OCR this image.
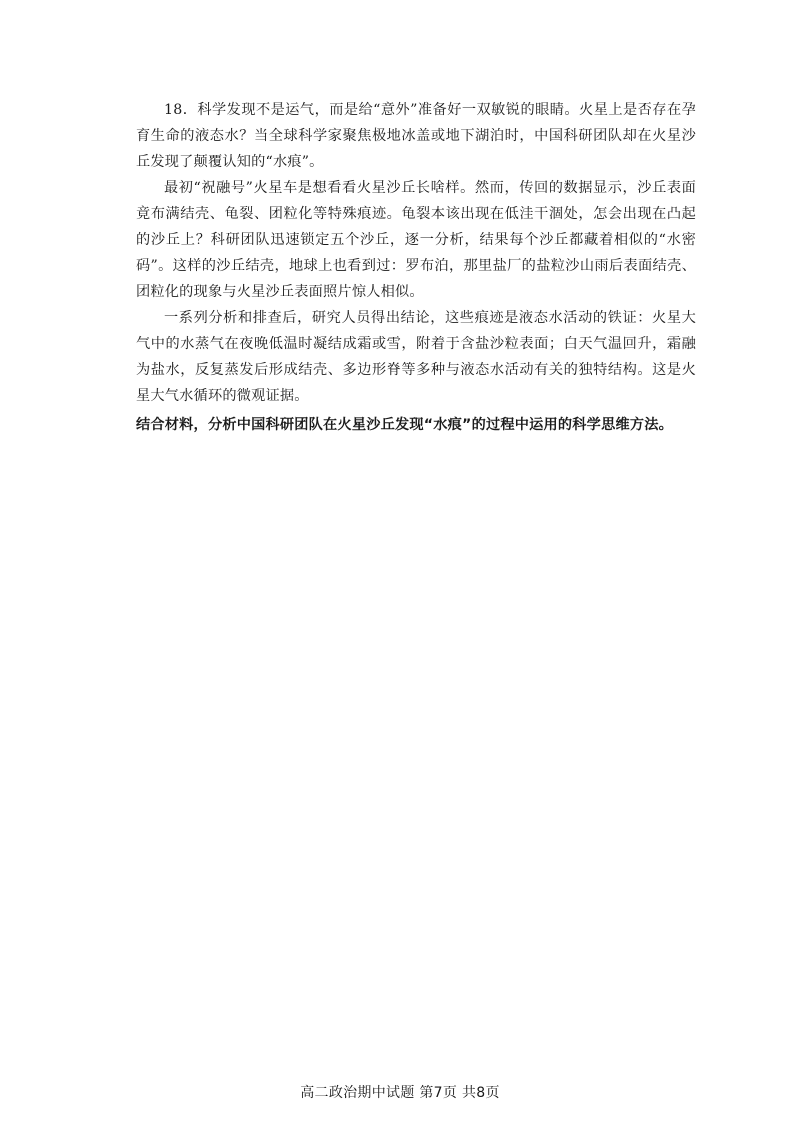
18．科学发现不是运气，而是给“意外”准备好一双敏锐的眼睛。火星上是否存在孕育生命的液态水？当全球科学家聚焦极地冰盖或地下湖泊时，中国科研团队却在火星沙丘发现了颠覆认知的“水痕”。

最初“祝融号”火星车是想看看火星沙丘长啥样。然而，传回的数据显示，沙丘表面竟布满结壳、龟裂、团粒化等特殊痕迹。龟裂本该出现在低洼干涸处，怎会出现在凸起的沙丘上？科研团队迅速锁定五个沙丘，逐一分析，结果每个沙丘都藏着相似的“水密码”。这样的沙丘结壳，地球上也看到过：罗布泊，那里盐厂的盐粒沙山雨后表面结壳、团粒化的现象与火星沙丘表面照片惊人相似。

一系列分析和排查后，研究人员得出结论，这些痕迹是液态水活动的铁证：火星大气中的水蒸气在夜晚低温时凝结成霜或雪，附着于含盐沙粒表面；白天气温回升，霜融为盐水，反复蒸发后形成结壳、多边形脊等多种与液态水活动有关的独特结构。这是火星大气水循环的微观证据。

结合材料，分析中国科研团队在火星沙丘发现“水痕”的过程中运用的科学思维方法。

高二政治期中试题 第7页 共8页
